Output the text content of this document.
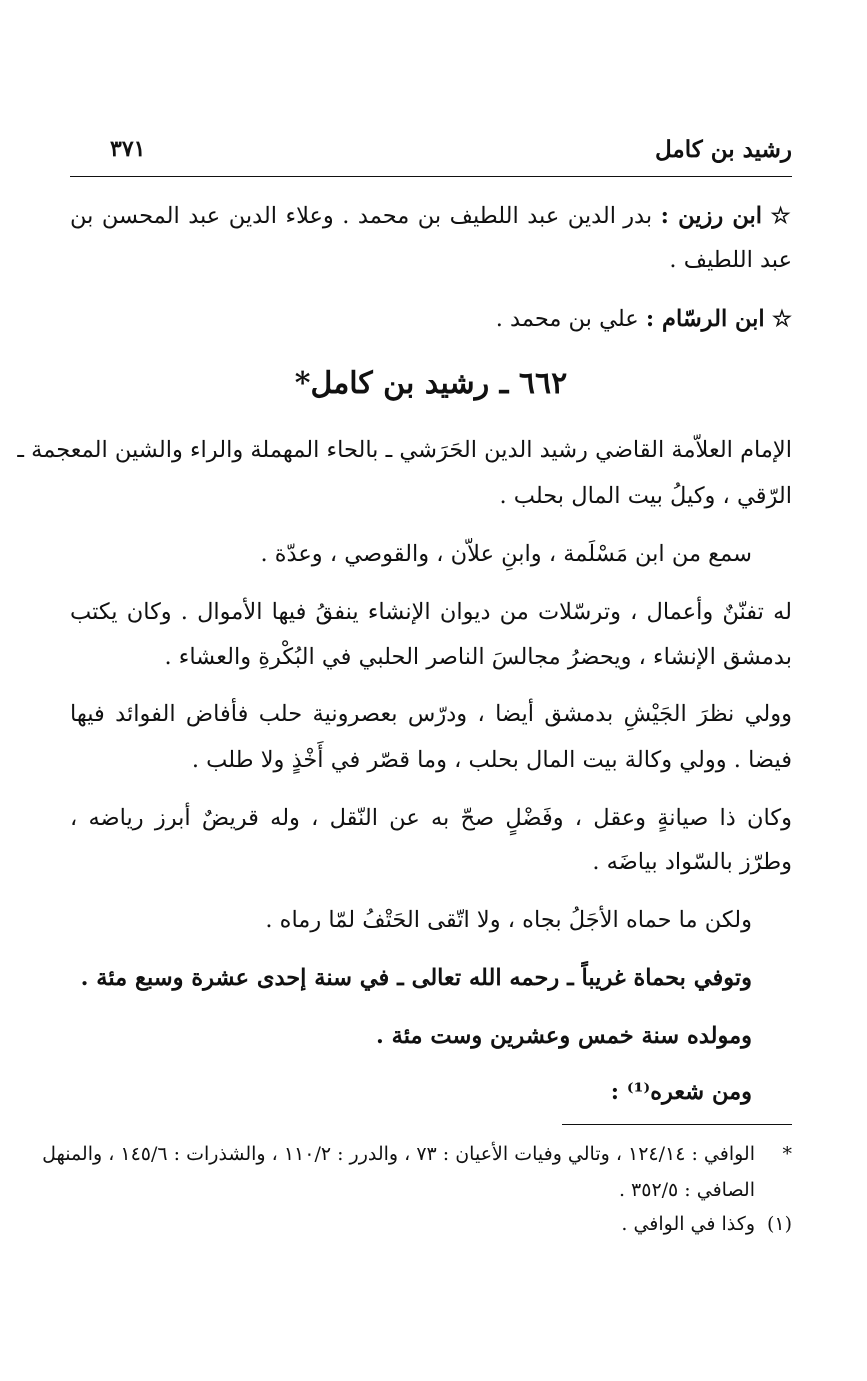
رشيد بن كامل
٣٧١
☆ ابن رزين : بدر الدين عبد اللطيف بن محمد . وعلاء الدين عبد المحسن بن
عبد اللطيف .
☆ ابن الرسّام : علي بن محمد .
٦٦٢ ـ رشيد بن كامل*
الإمام العلاّمة القاضي رشيد الدين الحَرَشي ـ بالحاء المهملة والراء والشين المعجمة ـ
الرّقي ، وكيلُ بيت المال بحلب .
سمع من ابن مَسْلَمة ، وابنِ علاّن ، والقوصي ، وعدّة .
له تفنّنٌ وأعمال ، وترسّلات من ديوان الإنشاء ينفقُ فيها الأموال . وكان يكتب
بدمشق الإنشاء ، ويحضرُ مجالسَ الناصر الحلبي في البُكْرةِ والعشاء .
وولي نظرَ الجَيْشِ بدمشق أيضا ، ودرّس بعصرونية حلب فأفاض الفوائد فيها
فيضا . وولي وكالة بيت المال بحلب ، وما قصّر في أَخْذٍ ولا طلب .
وكان ذا صيانةٍ وعقل ، وفَضْلٍ صحّ به عن النّقل ، وله قريضٌ أبرز رياضه ،
وطرّز بالسّواد بياضَه .
ولكن ما حماه الأجَلُ بجاه ، ولا اتّقى الحَتْفُ لمّا رماه .
وتوفي بحماة غريباً ـ رحمه الله تعالى ـ في سنة إحدى عشرة وسبع مئة .
ومولده سنة خمس وعشرين وست مئة .
ومن شعره⁽¹⁾ :
*
الوافي : ١٢٤/١٤ ، وتالي وفيات الأعيان : ٧٣ ، والدرر : ١١٠/٢ ، والشذرات : ١٤٥/٦ ، والمنهل
الصافي : ٣٥٢/٥ .
(١)
وكذا في الوافي .
